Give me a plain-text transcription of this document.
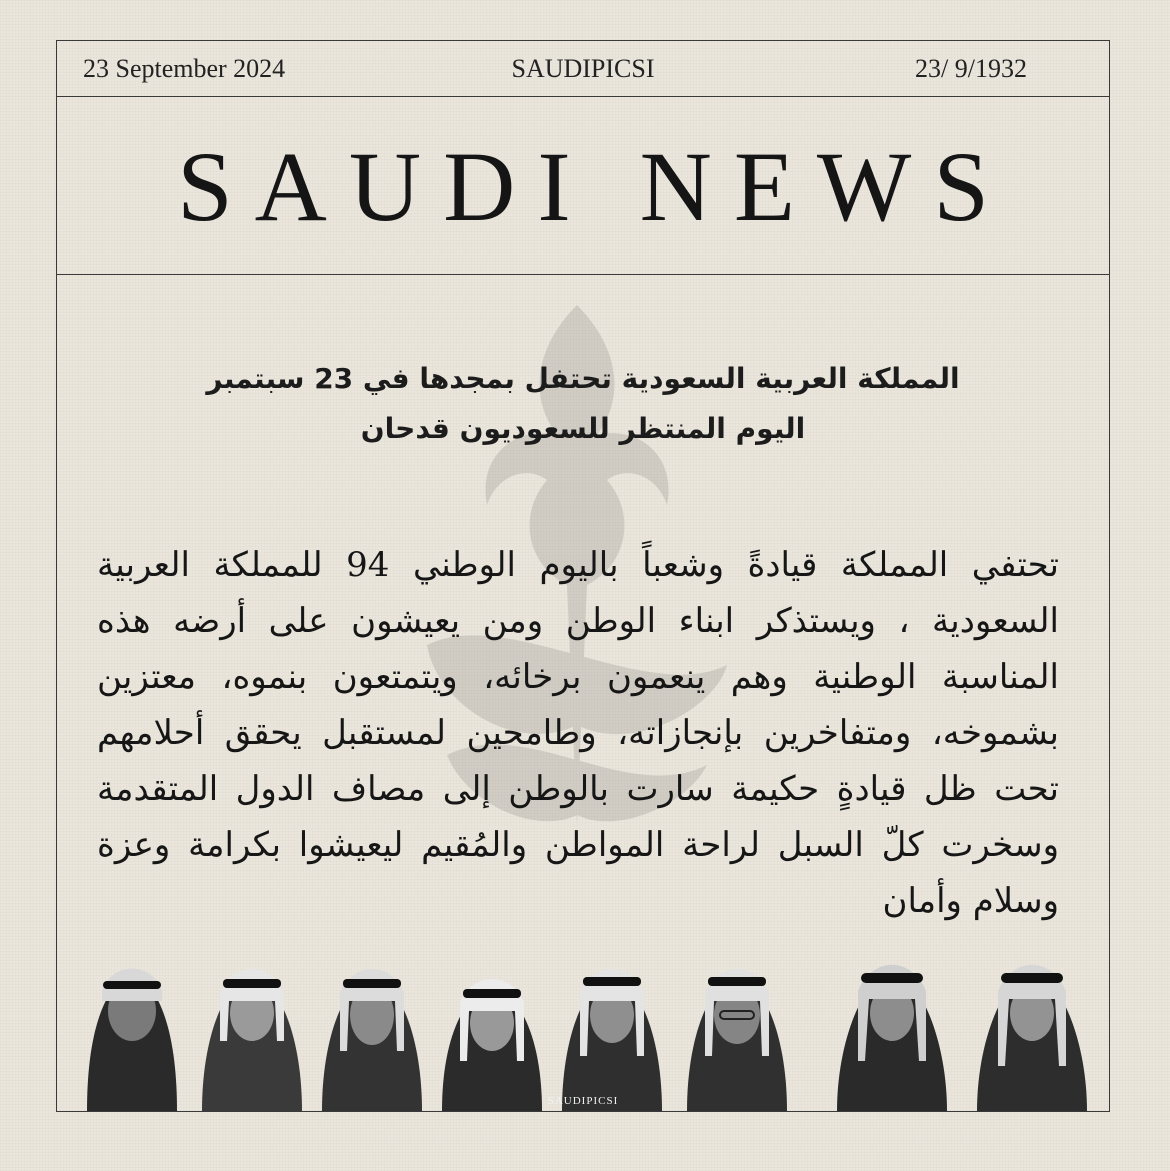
23 September 2024	SAUDIPICSI	23/ 9/1932
SAUDI NEWS
المملكة العربية السعودية تحتفل بمجدها في 23 سبتمبر
اليوم المنتظر للسعوديون قدحان

تحتفي المملكة قيادةً وشعباً باليوم الوطني 94 للمملكة العربية السعودية ، ويستذكر ابناء الوطن ومن يعيشون على أرضه هذه المناسبة الوطنية وهم ينعمون برخائه، ويتمتعون بنموه، معتزين بشموخه، ومتفاخرين بإنجازاته، وطامحين لمستقبل يحقق أحلامهم تحت ظل قيادةٍ حكيمة سارت بالوطن إلى مصاف الدول المتقدمة وسخرت كلّ السبل لراحة المواطن والمُقيم ليعيشوا بكرامة وعزة وسلام وأمان

SAUDIPICSI
